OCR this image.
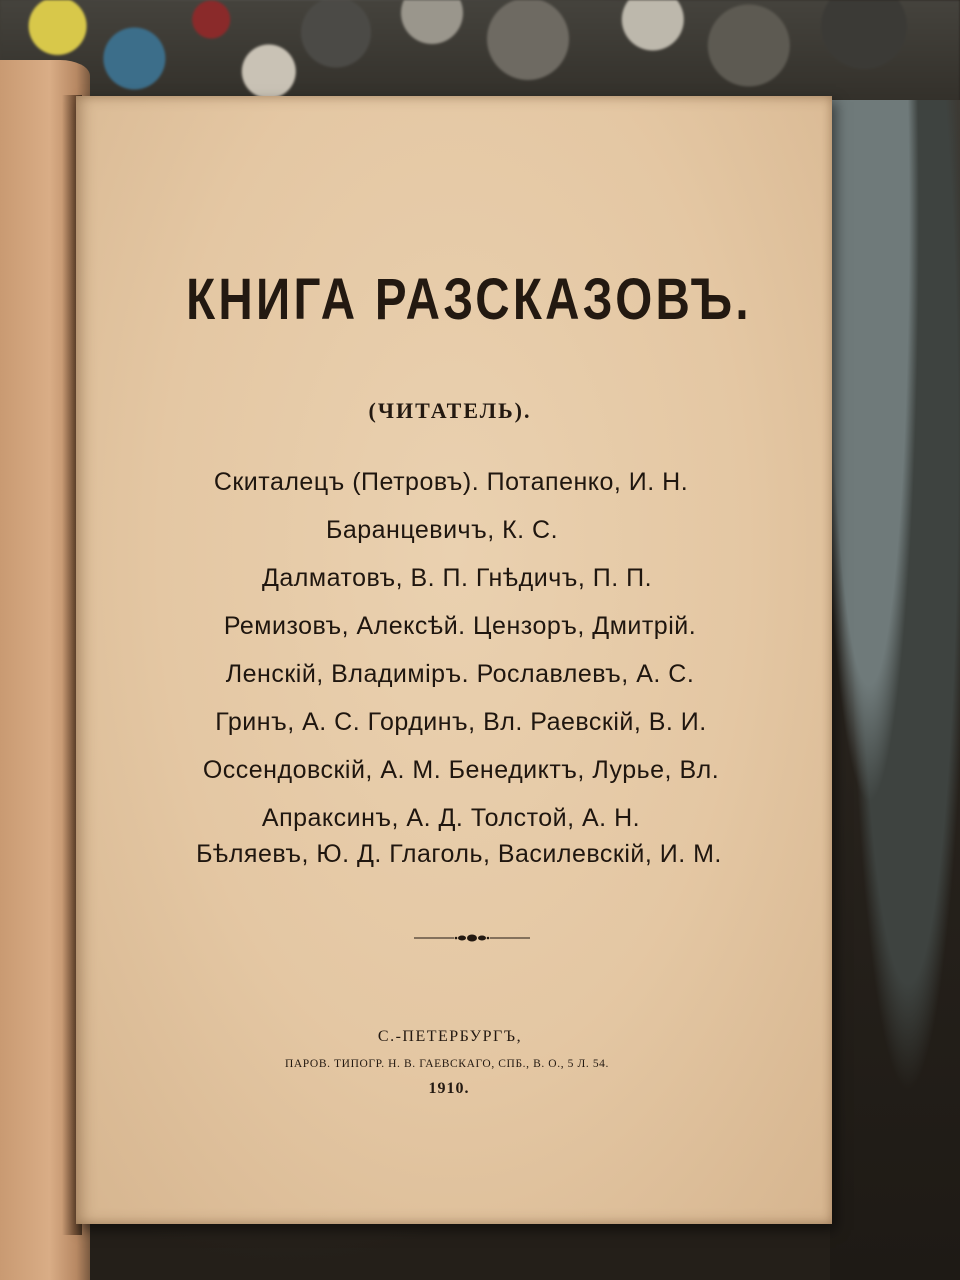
КНИГА РАЗСКАЗОВЪ.
(ЧИТАТЕЛЬ).
Скиталецъ (Петровъ). Потапенко, И. Н.
Баранцевичъ, К. С.
Далматовъ, В. П. Гнѣдичъ, П. П.
Ремизовъ, Алексѣй. Цензоръ, Дмитрій.
Ленскій, Владиміръ. Рославлевъ, А. С.
Гринъ, А. С. Гординъ, Вл. Раевскій, В. И.
Оссендовскій, А. М. Бенедиктъ, Лурье, Вл.
Апраксинъ, А. Д. Толстой, А. Н.
Бѣляевъ, Ю. Д. Глаголь, Василевскій, И. М.
С.-ПЕТЕРБУРГЪ,
ПАРОВ. ТИПОГР. Н. В. ГАЕВСКАГО, СПБ., В. О., 5 Л. 54.
1910.
